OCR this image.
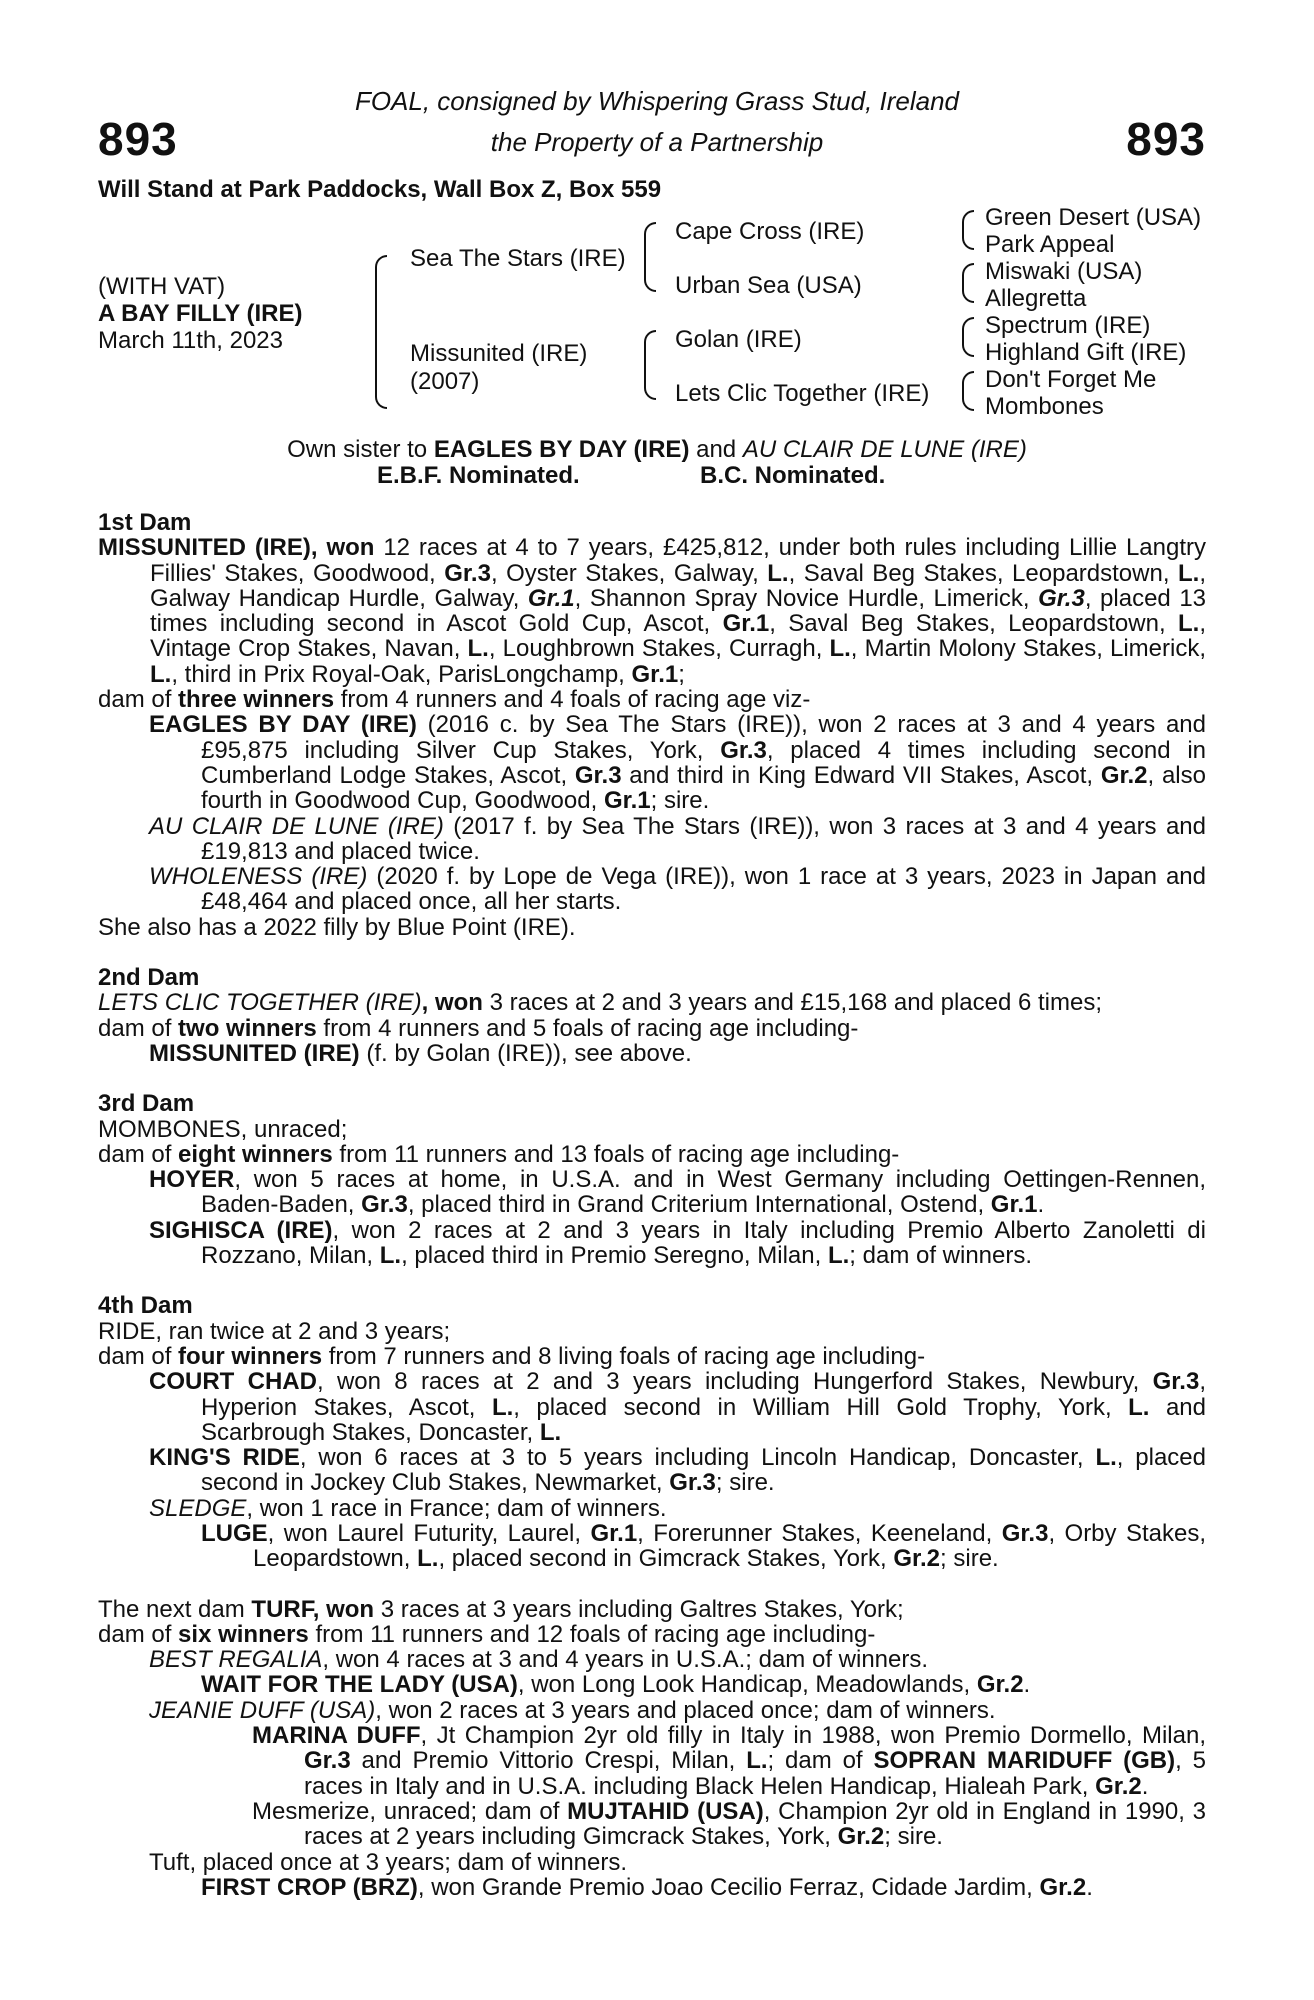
893	893
FOAL, consigned by Whispering Grass Stud, Ireland
the Property of a Partnership
Will Stand at Park Paddocks, Wall Box Z, Box 559
(WITH VAT)
A BAY FILLY (IRE)
March 11th, 2023
Sea The Stars (IRE)
Missunited (IRE)
(2007)
Cape Cross (IRE)
Urban Sea (USA)
Golan (IRE)
Lets Clic Together (IRE)
Green Desert (USA)
Park Appeal
Miswaki (USA)
Allegretta
Spectrum (IRE)
Highland Gift (IRE)
Don't Forget Me
Mombones
Own sister to EAGLES BY DAY (IRE) and AU CLAIR DE LUNE (IRE)
E.B.F. Nominated.	B.C. Nominated.
1st Dam
MISSUNITED (IRE), won 12 races at 4 to 7 years, £425,812, under both rules including Lillie Langtry Fillies' Stakes, Goodwood, Gr.3, Oyster Stakes, Galway, L., Saval Beg Stakes, Leopardstown, L., Galway Handicap Hurdle, Galway, Gr.1, Shannon Spray Novice Hurdle, Limerick, Gr.3, placed 13 times including second in Ascot Gold Cup, Ascot, Gr.1, Saval Beg Stakes, Leopardstown, L., Vintage Crop Stakes, Navan, L., Loughbrown Stakes, Curragh, L., Martin Molony Stakes, Limerick, L., third in Prix Royal-Oak, ParisLongchamp, Gr.1;
dam of three winners from 4 runners and 4 foals of racing age viz-
EAGLES BY DAY (IRE) (2016 c. by Sea The Stars (IRE)), won 2 races at 3 and 4 years and £95,875 including Silver Cup Stakes, York, Gr.3, placed 4 times including second in Cumberland Lodge Stakes, Ascot, Gr.3 and third in King Edward VII Stakes, Ascot, Gr.2, also fourth in Goodwood Cup, Goodwood, Gr.1; sire.
AU CLAIR DE LUNE (IRE) (2017 f. by Sea The Stars (IRE)), won 3 races at 3 and 4 years and £19,813 and placed twice.
WHOLENESS (IRE) (2020 f. by Lope de Vega (IRE)), won 1 race at 3 years, 2023 in Japan and £48,464 and placed once, all her starts.
She also has a 2022 filly by Blue Point (IRE).
2nd Dam
LETS CLIC TOGETHER (IRE), won 3 races at 2 and 3 years and £15,168 and placed 6 times;
dam of two winners from 4 runners and 5 foals of racing age including-
MISSUNITED (IRE) (f. by Golan (IRE)), see above.
3rd Dam
MOMBONES, unraced;
dam of eight winners from 11 runners and 13 foals of racing age including-
HOYER, won 5 races at home, in U.S.A. and in West Germany including Oettingen-Rennen, Baden-Baden, Gr.3, placed third in Grand Criterium International, Ostend, Gr.1.
SIGHISCA (IRE), won 2 races at 2 and 3 years in Italy including Premio Alberto Zanoletti di Rozzano, Milan, L., placed third in Premio Seregno, Milan, L.; dam of winners.
4th Dam
RIDE, ran twice at 2 and 3 years;
dam of four winners from 7 runners and 8 living foals of racing age including-
COURT CHAD, won 8 races at 2 and 3 years including Hungerford Stakes, Newbury, Gr.3, Hyperion Stakes, Ascot, L., placed second in William Hill Gold Trophy, York, L. and Scarbrough Stakes, Doncaster, L.
KING'S RIDE, won 6 races at 3 to 5 years including Lincoln Handicap, Doncaster, L., placed second in Jockey Club Stakes, Newmarket, Gr.3; sire.
SLEDGE, won 1 race in France; dam of winners.
LUGE, won Laurel Futurity, Laurel, Gr.1, Forerunner Stakes, Keeneland, Gr.3, Orby Stakes, Leopardstown, L., placed second in Gimcrack Stakes, York, Gr.2; sire.
The next dam TURF, won 3 races at 3 years including Galtres Stakes, York;
dam of six winners from 11 runners and 12 foals of racing age including-
BEST REGALIA, won 4 races at 3 and 4 years in U.S.A.; dam of winners.
WAIT FOR THE LADY (USA), won Long Look Handicap, Meadowlands, Gr.2.
JEANIE DUFF (USA), won 2 races at 3 years and placed once; dam of winners.
MARINA DUFF, Jt Champion 2yr old filly in Italy in 1988, won Premio Dormello, Milan, Gr.3 and Premio Vittorio Crespi, Milan, L.; dam of SOPRAN MARIDUFF (GB), 5 races in Italy and in U.S.A. including Black Helen Handicap, Hialeah Park, Gr.2.
Mesmerize, unraced; dam of MUJTAHID (USA), Champion 2yr old in England in 1990, 3 races at 2 years including Gimcrack Stakes, York, Gr.2; sire.
Tuft, placed once at 3 years; dam of winners.
FIRST CROP (BRZ), won Grande Premio Joao Cecilio Ferraz, Cidade Jardim, Gr.2.
